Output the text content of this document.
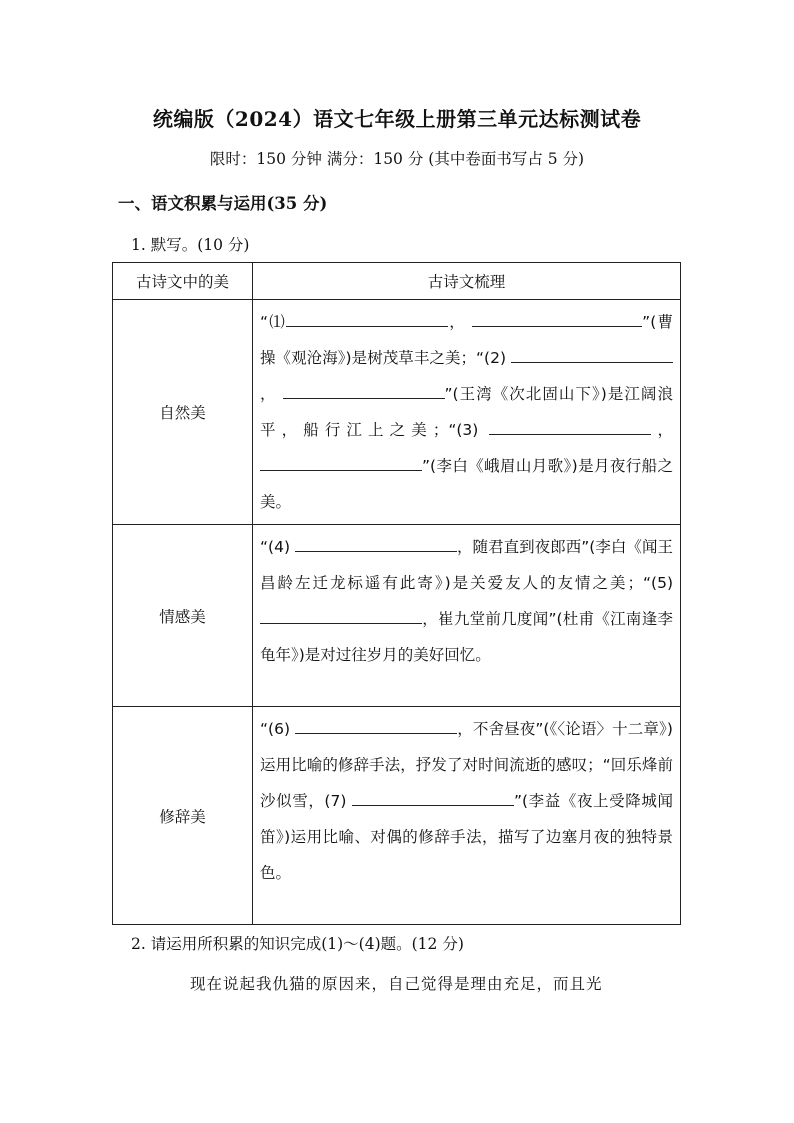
统编版（2024）语文七年级上册第三单元达标测试卷
限时：150 分钟 满分：150 分 (其中卷面书写占 5 分)
一、语文积累与运用(35 分)
1. 默写。(10 分)
古诗文中的美	古诗文梳理
自然美	“⑴ ， ”(曹操《观沧海》)是树茂草丰之美；“(2) ， ”(王湾《次北固山下》)是江阔浪平，船行江上之美；“(3) ， ”(李白《峨眉山月歌》)是月夜行船之美。
情感美	“(4) ，随君直到夜郎西”(李白《闻王昌龄左迁龙标遥有此寄》)是关爱友人的友情之美；“(5) ，崔九堂前几度闻”(杜甫《江南逢李龟年》)是对过往岁月的美好回忆。
修辞美	“(6) ，不舍昼夜”(《〈论语〉十二章》)运用比喻的修辞手法，抒发了对时间流逝的感叹；“回乐烽前沙似雪，(7) ”(李益《夜上受降城闻笛》)运用比喻、对偶的修辞手法，描写了边塞月夜的独特景色。
2. 请运用所积累的知识完成(1)～(4)题。(12 分)
现在说起我仇猫的原因来，自己觉得是理由充足，而且光
